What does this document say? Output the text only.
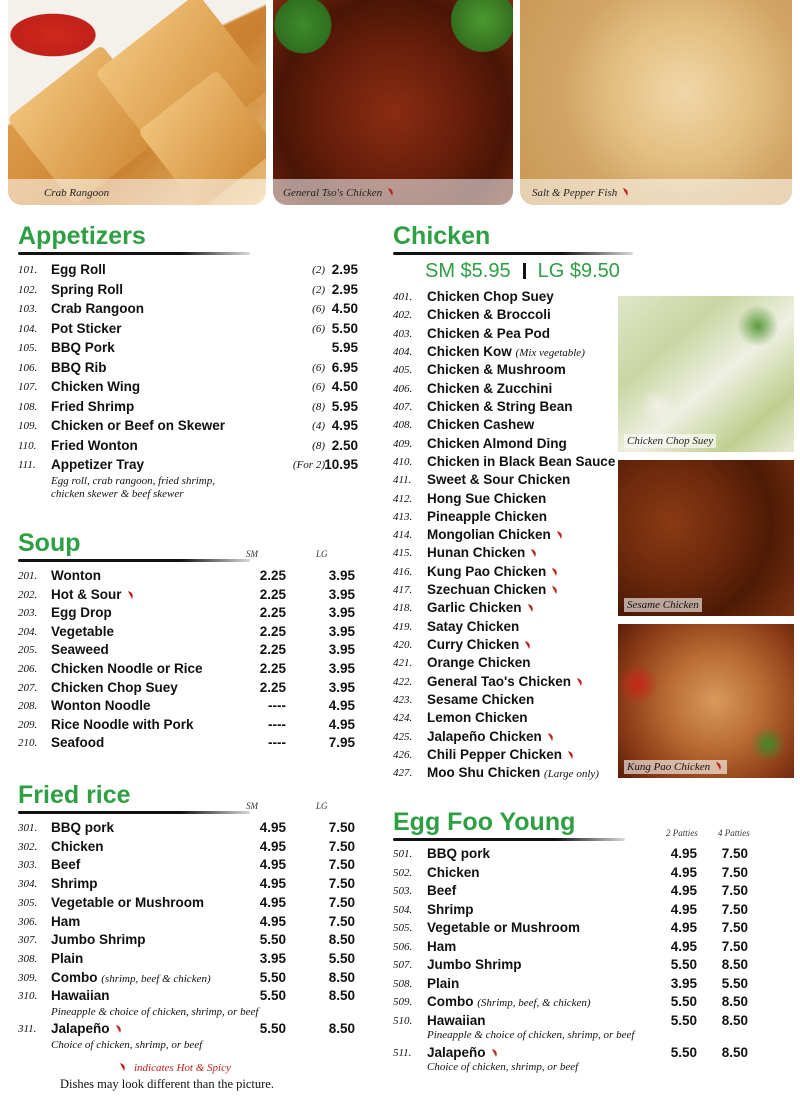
Crab Rangoon	General Tso's Chicken	Salt & Pepper Fish
Appetizers
101. Egg Roll	(2) 2.95
102. Spring Roll	(2) 2.95
103. Crab Rangoon	(6) 4.50
104. Pot Sticker	(6) 5.50
105. BBQ Pork	5.95
106. BBQ Rib	(6) 6.95
107. Chicken Wing	(6) 4.50
108. Fried Shrimp	(8) 5.95
109. Chicken or Beef on Skewer	(4) 4.95
110. Fried Wonton	(8) 2.50
111. Appetizer Tray	(For 2) 10.95
Egg roll, crab rangoon, fried shrimp,
chicken skewer & beef skewer
Soup	SM	LG
201. Wonton	2.25	3.95
202. Hot & Sour	2.25	3.95
203. Egg Drop	2.25	3.95
204. Vegetable	2.25	3.95
205. Seaweed	2.25	3.95
206. Chicken Noodle or Rice	2.25	3.95
207. Chicken Chop Suey	2.25	3.95
208. Wonton Noodle	----	4.95
209. Rice Noodle with Pork	----	4.95
210. Seafood	----	7.95
Fried rice	SM	LG
301. BBQ pork	4.95	7.50
302. Chicken	4.95	7.50
303. Beef	4.95	7.50
304. Shrimp	4.95	7.50
305. Vegetable or Mushroom	4.95	7.50
306. Ham	4.95	7.50
307. Jumbo Shrimp	5.50	8.50
308. Plain	3.95	5.50
309. Combo (shrimp, beef & chicken)	5.50	8.50
310. Hawaiian	5.50	8.50
311. Jalapeño	5.50	8.50
Pineapple & choice of chicken, shrimp, or beef
Choice of chicken, shrimp, or beef
Chicken
SM $5.95 LG $9.50
401. Chicken Chop Suey
402. Chicken & Broccoli
403. Chicken & Pea Pod
404. Chicken Kow (Mix vegetable)
405. Chicken & Mushroom
406. Chicken & Zucchini
407. Chicken & String Bean
408. Chicken Cashew
409. Chicken Almond Ding
410. Chicken in Black Bean Sauce
411. Sweet & Sour Chicken
412. Hong Sue Chicken
413. Pineapple Chicken
414. Mongolian Chicken
415. Hunan Chicken
416. Kung Pao Chicken
417. Szechuan Chicken
418. Garlic Chicken
419. Satay Chicken
420. Curry Chicken
421. Orange Chicken
422. General Tao's Chicken
423. Sesame Chicken
424. Lemon Chicken
425. Jalapeño Chicken
426. Chili Pepper Chicken
427. Moo Shu Chicken (Large only)
Chicken Chop Suey
Sesame Chicken
Kung Pao Chicken
Egg Foo Young	2 Patties 4 Patties
501. BBQ pork	4.95	7.50
502. Chicken	4.95	7.50
503. Beef	4.95	7.50
504. Shrimp	4.95	7.50
505. Vegetable or Mushroom	4.95	7.50
506. Ham	4.95	7.50
507. Jumbo Shrimp	5.50	8.50
508. Plain	3.95	5.50
509. Combo (Shrimp, beef, & chicken)	5.50	8.50
510. Hawaiian	5.50	8.50
511. Jalapeño	5.50	8.50
Pineapple & choice of chicken, shrimp, or beef
Choice of chicken, shrimp, or beef
indicates Hot & Spicy
Dishes may look different than the picture.
